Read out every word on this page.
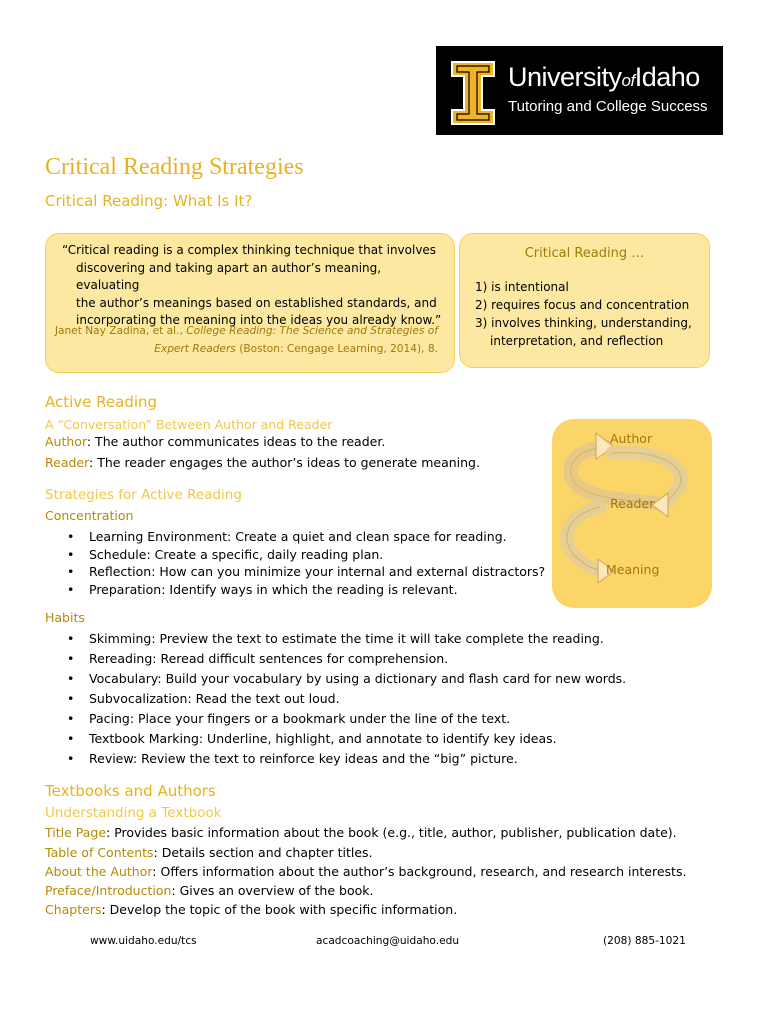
UniversityofIdaho
Tutoring and College Success
Critical Reading Strategies
Critical Reading: What Is It?
“Critical reading is a complex thinking technique that involves
discovering and taking apart an author’s meaning, evaluating
the author’s meanings based on established standards, and
incorporating the meaning into the ideas you already know.”
Janet Nay Zadina, et al., College Reading: The Science and Strategies of
Expert Readers (Boston: Cengage Learning, 2014), 8.
Critical Reading …
1) is intentional
2) requires focus and concentration
3) involves thinking, understanding,
interpretation, and reflection
Active Reading
A “Conversation” Between Author and Reader
Author: The author communicates ideas to the reader.
Reader: The reader engages the author’s ideas to generate meaning.
Strategies for Active Reading
Concentration
• Learning Environment: Create a quiet and clean space for reading.
• Schedule: Create a specific, daily reading plan.
• Reflection: How can you minimize your internal and external distractors?
• Preparation: Identify ways in which the reading is relevant.
Habits
• Skimming: Preview the text to estimate the time it will take complete the reading.
• Rereading: Reread difficult sentences for comprehension.
• Vocabulary: Build your vocabulary by using a dictionary and flash card for new words.
• Subvocalization: Read the text out loud.
• Pacing: Place your fingers or a bookmark under the line of the text.
• Textbook Marking: Underline, highlight, and annotate to identify key ideas.
• Review: Review the text to reinforce key ideas and the “big” picture.
Author
Reader
Meaning
Textbooks and Authors
Understanding a Textbook
Title Page: Provides basic information about the book (e.g., title, author, publisher, publication date).
Table of Contents: Details section and chapter titles.
About the Author: Offers information about the author’s background, research, and research interests.
Preface/Introduction: Gives an overview of the book.
Chapters: Develop the topic of the book with specific information.
www.uidaho.edu/tcs	acadcoaching@uidaho.edu	(208) 885-1021
